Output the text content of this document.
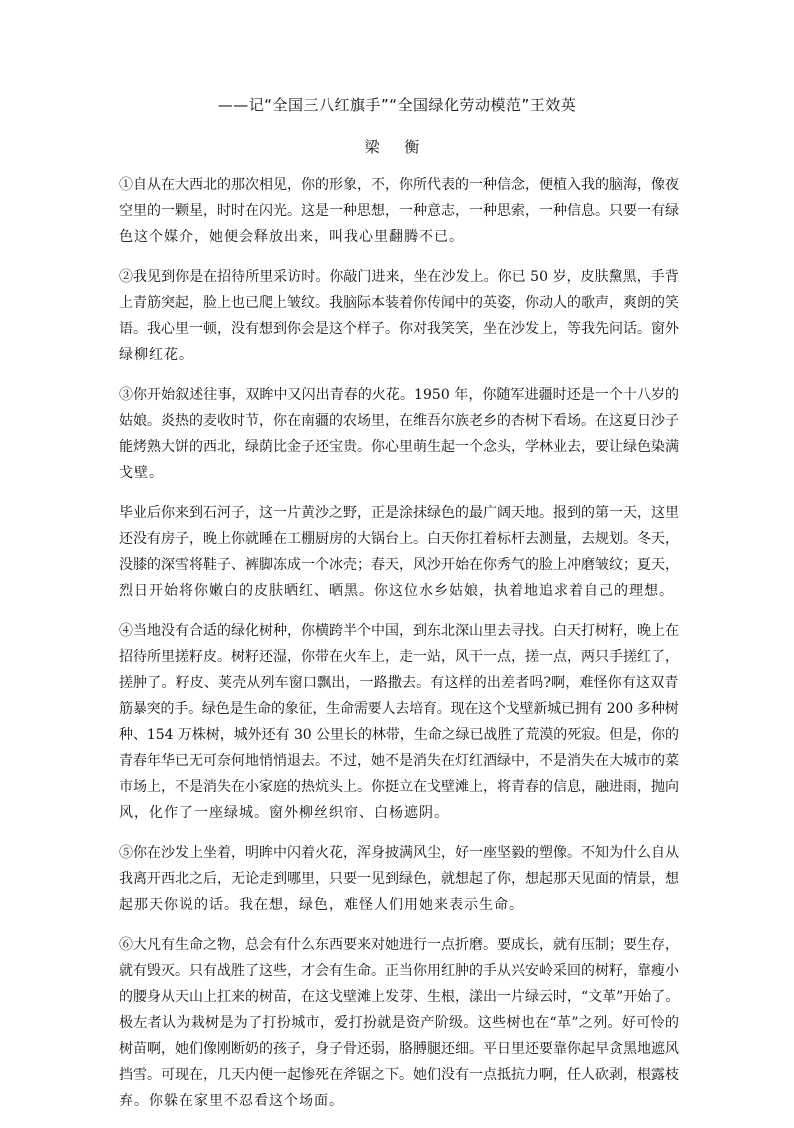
——记“全国三八红旗手”“全国绿化劳动模范”王效英
梁 衡

①自从在大西北的那次相见，你的形象，不，你所代表的一种信念，便植入我的脑海，像夜
空里的一颗星，时时在闪光。这是一种思想，一种意志，一种思索，一种信息。只要一有绿
色这个媒介，她便会释放出来，叫我心里翻腾不已。

②我见到你是在招待所里采访时。你敲门进来，坐在沙发上。你已 50 岁，皮肤黧黑，手背
上青筋突起，脸上也已爬上皱纹。我脑际本装着你传闻中的英姿，你动人的歌声，爽朗的笑
语。我心里一顿，没有想到你会是这个样子。你对我笑笑，坐在沙发上，等我先问话。窗外
绿柳红花。

③你开始叙述往事，双眸中又闪出青春的火花。1950 年，你随军进疆时还是一个十八岁的
姑娘。炎热的麦收时节，你在南疆的农场里，在维吾尔族老乡的杏树下看场。在这夏日沙子
能烤熟大饼的西北，绿荫比金子还宝贵。你心里萌生起一个念头，学林业去，要让绿色染满
戈壁。

毕业后你来到石河子，这一片黄沙之野，正是涂抹绿色的最广阔天地。报到的第一天，这里
还没有房子，晚上你就睡在工棚厨房的大锅台上。白天你扛着标杆去测量，去规划。冬天，
没膝的深雪将鞋子、裤脚冻成一个冰壳；春天，风沙开始在你秀气的脸上冲磨皱纹；夏天，
烈日开始将你嫩白的皮肤晒红、晒黑。你这位水乡姑娘，执着地追求着自己的理想。

④当地没有合适的绿化树种，你横跨半个中国，到东北深山里去寻找。白天打树籽，晚上在
招待所里搓籽皮。树籽还湿，你带在火车上，走一站，风干一点，搓一点，两只手搓红了，
搓肿了。籽皮、荚壳从列车窗口飘出，一路撒去。有这样的出差者吗?啊，难怪你有这双青
筋暴突的手。绿色是生命的象征，生命需要人去培育。现在这个戈壁新城已拥有 200 多种树
种、154 万株树，城外还有 30 公里长的林带，生命之绿已战胜了荒漠的死寂。但是，你的
青春年华已无可奈何地悄悄退去。不过，她不是消失在灯红酒绿中，不是消失在大城市的菜
市场上，不是消失在小家庭的热炕头上。你挺立在戈壁滩上，将青春的信息，融进雨，抛向
风，化作了一座绿城。窗外柳丝织帘、白杨遮阴。

⑤你在沙发上坐着，明眸中闪着火花，浑身披满风尘，好一座坚毅的塑像。不知为什么自从
我离开西北之后，无论走到哪里，只要一见到绿色，就想起了你，想起那天见面的情景，想
起那天你说的话。我在想，绿色，难怪人们用她来表示生命。

⑥大凡有生命之物，总会有什么东西要来对她进行一点折磨。要成长，就有压制；要生存，
就有毁灭。只有战胜了这些，才会有生命。正当你用红肿的手从兴安岭采回的树籽，靠瘦小
的腰身从天山上扛来的树苗，在这戈壁滩上发芽、生根，漾出一片绿云时，“文革”开始了。
极左者认为栽树是为了打扮城市，爱打扮就是资产阶级。这些树也在“革”之列。好可怜的
树苗啊，她们像刚断奶的孩子，身子骨还弱，胳膊腿还细。平日里还要靠你起早贪黑地遮风
挡雪。可现在，几天内便一起惨死在斧锯之下。她们没有一点抵抗力啊，任人砍剥，根露枝
弃。你躲在家里不忍看这个场面。
